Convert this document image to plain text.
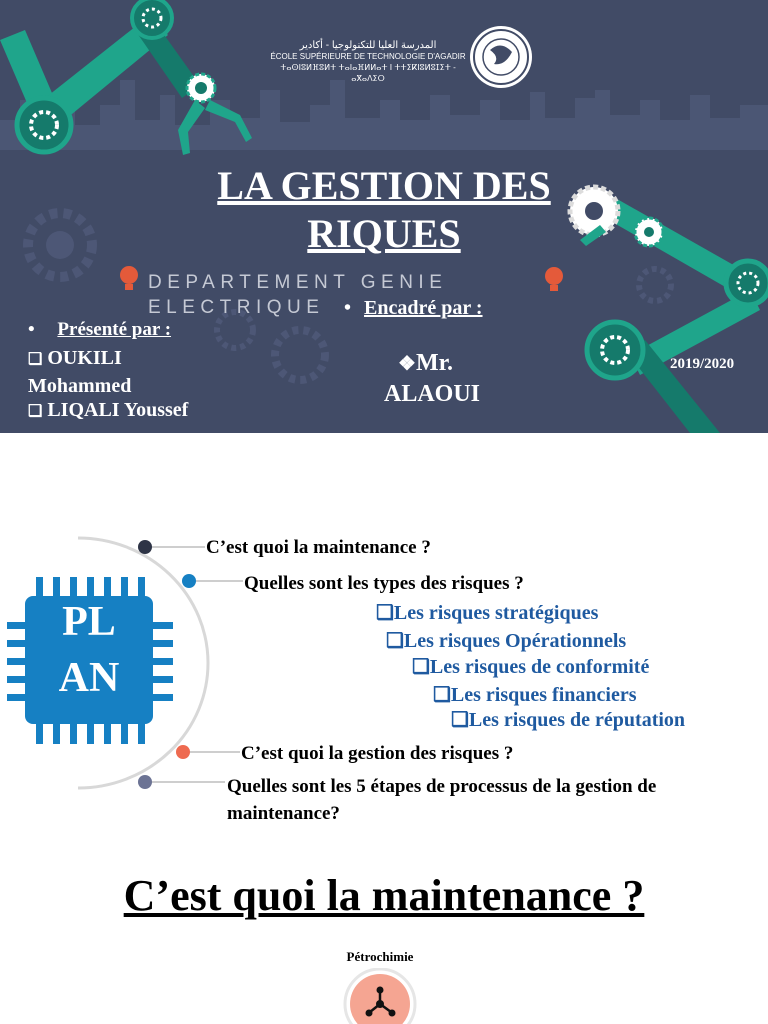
المدرسة العليا للتكنولوجيا - أكادير
ÉCOLE SUPÉRIEURE DE TECHNOLOGIE D'AGADIR
ⵜⴰⵙⵏⵓⵍⴼⵓⵍⵜ ⵜⴰⵏⴰⴼⵍⵍⴰⵜ ⵏ ⵜⵜⵉⴽⵏⵓⵍⵓⵊⵉⵜ - ⴰⴳⴰⴷⵉⵔ
LA GESTION DES
RIQUES
DEPARTEMENT GENIE
ELECTRIQUE • Encadré par :
• Présenté par :
❑ OUKILI
Mohammed
❑ LIQALI Youssef
❖Mr.
ALAOUI
2019/2020
PL
AN
C’est quoi la maintenance ?
Quelles sont les types des risques ?
❑Les risques stratégiques
❑Les risques Opérationnels
❑Les risques de conformité
❑Les risques financiers
❑Les risques de réputation
C’est quoi la gestion des risques ?
Quelles sont les 5 étapes de processus de la gestion de
maintenance?
C’est quoi la maintenance ?
Pétrochimie
